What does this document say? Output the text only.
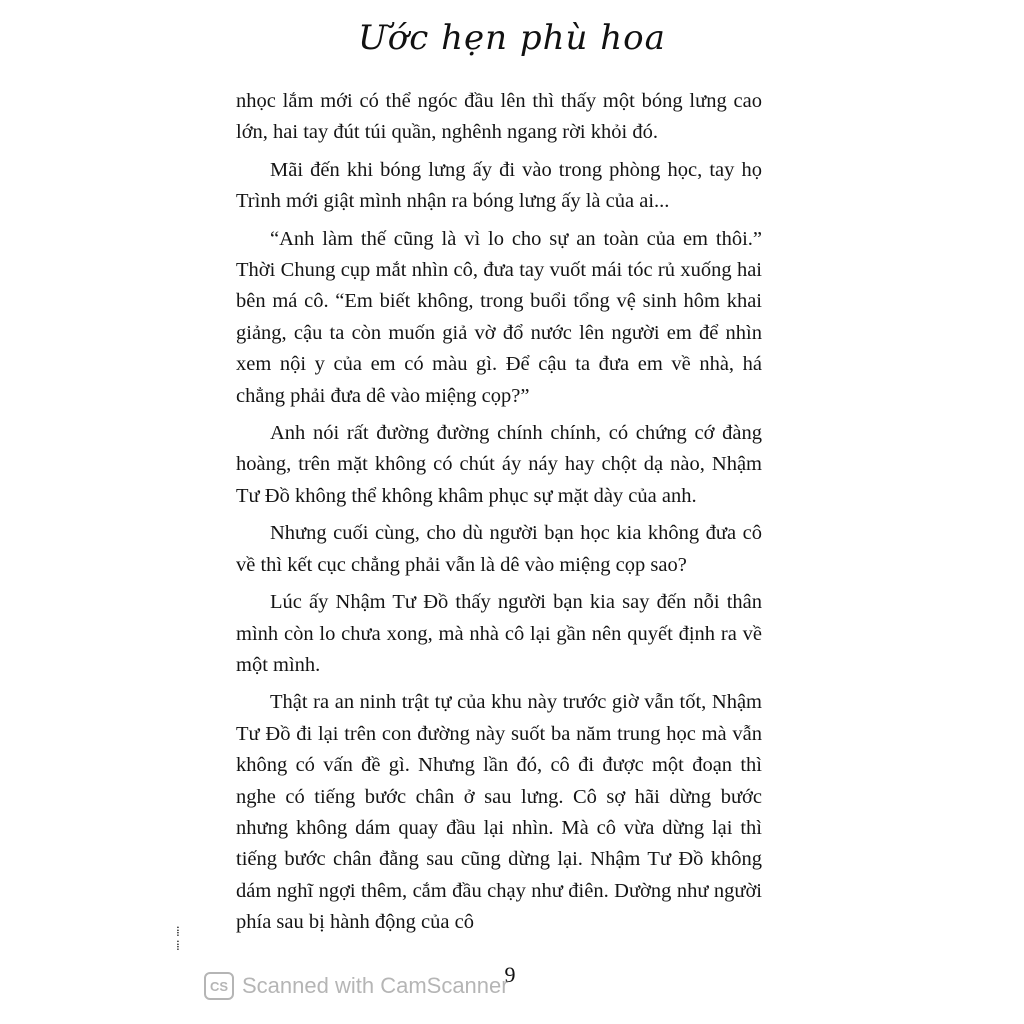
⁞
⁞
Ước hẹn phù hoa

nhọc lắm mới có thể ngóc đầu lên thì thấy một bóng lưng cao lớn, hai tay đút túi quần, nghênh ngang rời khỏi đó.

Mãi đến khi bóng lưng ấy đi vào trong phòng học, tay họ Trình mới giật mình nhận ra bóng lưng ấy là của ai...

“Anh làm thế cũng là vì lo cho sự an toàn của em thôi.” Thời Chung cụp mắt nhìn cô, đưa tay vuốt mái tóc rủ xuống hai bên má cô. “Em biết không, trong buổi tổng vệ sinh hôm khai giảng, cậu ta còn muốn giả vờ đổ nước lên người em để nhìn xem nội y của em có màu gì. Để cậu ta đưa em về nhà, há chẳng phải đưa dê vào miệng cọp?”

Anh nói rất đường đường chính chính, có chứng cớ đàng hoàng, trên mặt không có chút áy náy hay chột dạ nào, Nhậm Tư Đồ không thể không khâm phục sự mặt dày của anh.

Nhưng cuối cùng, cho dù người bạn học kia không đưa cô về thì kết cục chẳng phải vẫn là dê vào miệng cọp sao?

Lúc ấy Nhậm Tư Đồ thấy người bạn kia say đến nỗi thân mình còn lo chưa xong, mà nhà cô lại gần nên quyết định ra về một mình.

Thật ra an ninh trật tự của khu này trước giờ vẫn tốt, Nhậm Tư Đồ đi lại trên con đường này suốt ba năm trung học mà vẫn không có vấn đề gì. Nhưng lần đó, cô đi được một đoạn thì nghe có tiếng bước chân ở sau lưng. Cô sợ hãi dừng bước nhưng không dám quay đầu lại nhìn. Mà cô vừa dừng lại thì tiếng bước chân đằng sau cũng dừng lại. Nhậm Tư Đồ không dám nghĩ ngợi thêm, cắm đầu chạy như điên. Dường như người phía sau bị hành động của cô

9
CS Scanned with CamScanner
